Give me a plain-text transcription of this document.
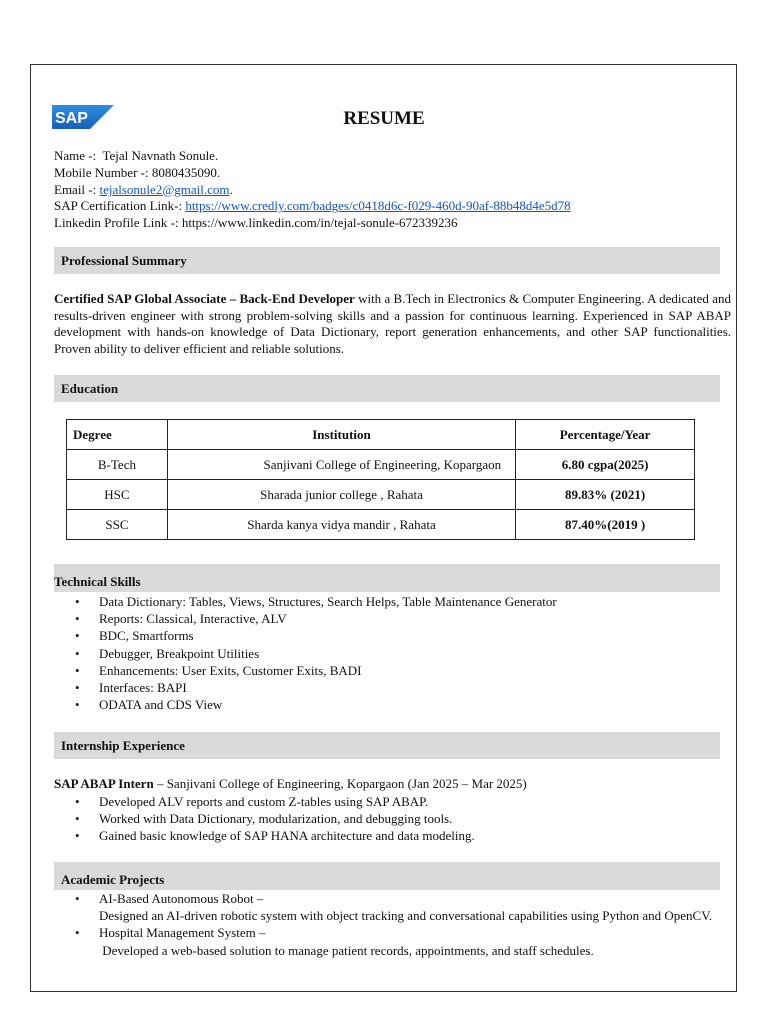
SAP	RESUME
Name -: Tejal Navnath Sonule.
Mobile Number -: 8080435090.
Email -: tejalsonule2@gmail.com.
SAP Certification Link-: https://www.credly.com/badges/c0418d6c-f029-460d-90af-88b48d4e5d78
Linkedin Profile Link -: https://www.linkedin.com/in/tejal-sonule-672339236
Professional Summary
Certified SAP Global Associate – Back-End Developer with a B.Tech in Electronics & Computer Engineering. A dedicated and results-driven engineer with strong problem-solving skills and a passion for continuous learning. Experienced in SAP ABAP development with hands-on knowledge of Data Dictionary, report generation enhancements, and other SAP functionalities. Proven ability to deliver efficient and reliable solutions.
Education
Degree	Institution	Percentage/Year
B-Tech	Sanjivani College of Engineering, Kopargaon	6.80 cgpa(2025)
HSC	Sharada junior college , Rahata	89.83% (2021)
SSC	Sharda kanya vidya mandir , Rahata	87.40%(2019 )
Technical Skills
• Data Dictionary: Tables, Views, Structures, Search Helps, Table Maintenance Generator
• Reports: Classical, Interactive, ALV
• BDC, Smartforms
• Debugger, Breakpoint Utilities
• Enhancements: User Exits, Customer Exits, BADI
• Interfaces: BAPI
• ODATA and CDS View
Internship Experience
SAP ABAP Intern – Sanjivani College of Engineering, Kopargaon (Jan 2025 – Mar 2025)
• Developed ALV reports and custom Z-tables using SAP ABAP.
• Worked with Data Dictionary, modularization, and debugging tools.
• Gained basic knowledge of SAP HANA architecture and data modeling.
Academic Projects
• AI-Based Autonomous Robot –
Designed an AI-driven robotic system with object tracking and conversational capabilities using Python and OpenCV.
• Hospital Management System –
Developed a web-based solution to manage patient records, appointments, and staff schedules.
